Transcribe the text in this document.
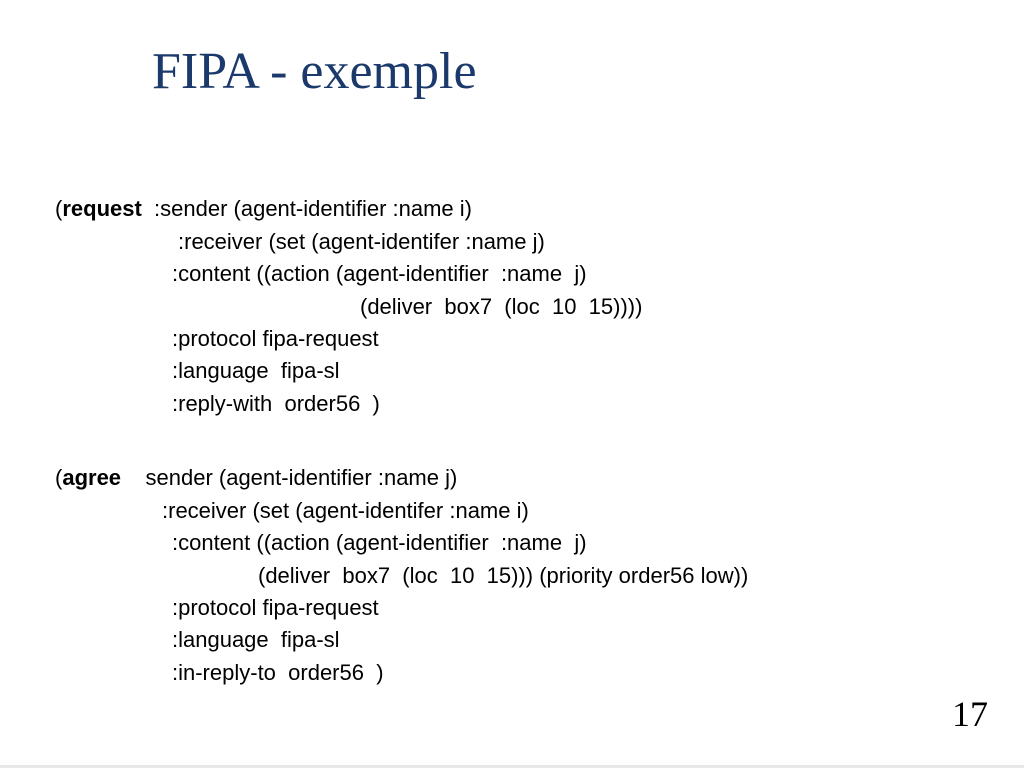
FIPA - exemple
(request  :sender (agent-identifier :name i)
:receiver (set (agent-identifer :name j)
:content ((action (agent-identifier  :name  j)
(deliver  box7  (loc  10  15))))
:protocol fipa-request
:language  fipa-sl
:reply-with  order56  )
(agree    sender (agent-identifier :name j)
:receiver (set (agent-identifer :name i)
:content ((action (agent-identifier  :name  j)
(deliver  box7  (loc  10  15))) (priority order56 low))
:protocol fipa-request
:language  fipa-sl
:in-reply-to  order56  )
17
